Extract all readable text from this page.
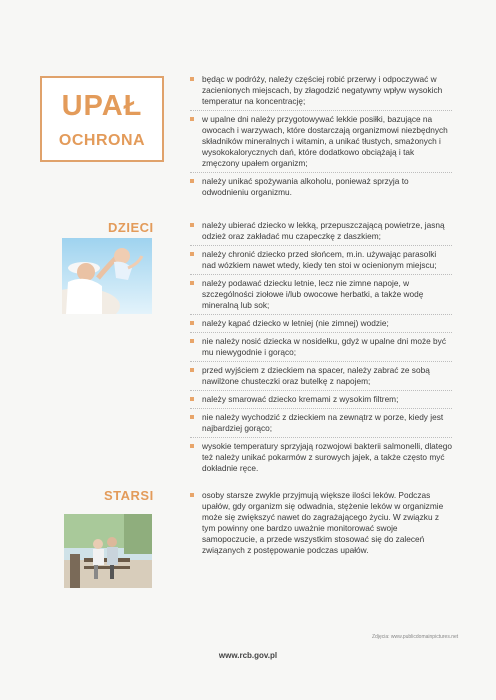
UPAŁ
OCHRONA
będąc w podróży, należy częściej robić przerwy i odpoczywać w zacienionych miejscach, by złagodzić negatywny wpływ wysokich temperatur na koncentrację;
w upalne dni należy przygotowywać lekkie posiłki, bazujące na owocach i warzywach, które dostarczają organizmowi niezbędnych składników mineralnych i witamin, a unikać tłustych, smażonych i wysokokalorycznych dań, które dodatkowo obciążają i tak zmęczony upałem organizm;
należy unikać spożywania alkoholu, ponieważ sprzyja to odwodnieniu organizmu.
DZIECI	należy ubierać dziecko w lekką, przepuszczającą powietrze, jasną odzież oraz zakładać mu czapeczkę z daszkiem;
należy chronić dziecko przed słońcem, m.in. używając parasolki nad wózkiem nawet wtedy, kiedy ten stoi w ocienionym miejscu;
należy podawać dziecku letnie, lecz nie zimne napoje, w szczególności ziołowe i/lub owocowe herbatki, a także wodę mineralną lub sok;
należy kąpać dziecko w letniej (nie zimnej) wodzie;
nie należy nosić dziecka w nosidełku, gdyż w upalne dni może być mu niewygodnie i gorąco;
przed wyjściem z dzieckiem na spacer, należy zabrać ze sobą nawilżone chusteczki oraz butelkę z napojem;
należy smarować dziecko kremami z wysokim filtrem;
nie należy wychodzić z dzieckiem na zewnątrz w porze, kiedy jest najbardziej gorąco;
wysokie temperatury sprzyjają rozwojowi bakterii salmonelli, dlatego też należy unikać pokarmów z surowych jajek, a także często myć dokładnie ręce.
STARSI	osoby starsze zwykle przyjmują większe ilości leków. Podczas upałów, gdy organizm się odwadnia, stężenie leków w organizmie może się zwiększyć nawet do zagrażającego życiu. W związku z tym powinny one bardzo uważnie monitorować swoje samopoczucie, a przede wszystkim stosować się do zaleceń związanych z postępowanie podczas upałów.
Zdjęcia: www.publicdomainpictures.net
www.rcb.gov.pl
